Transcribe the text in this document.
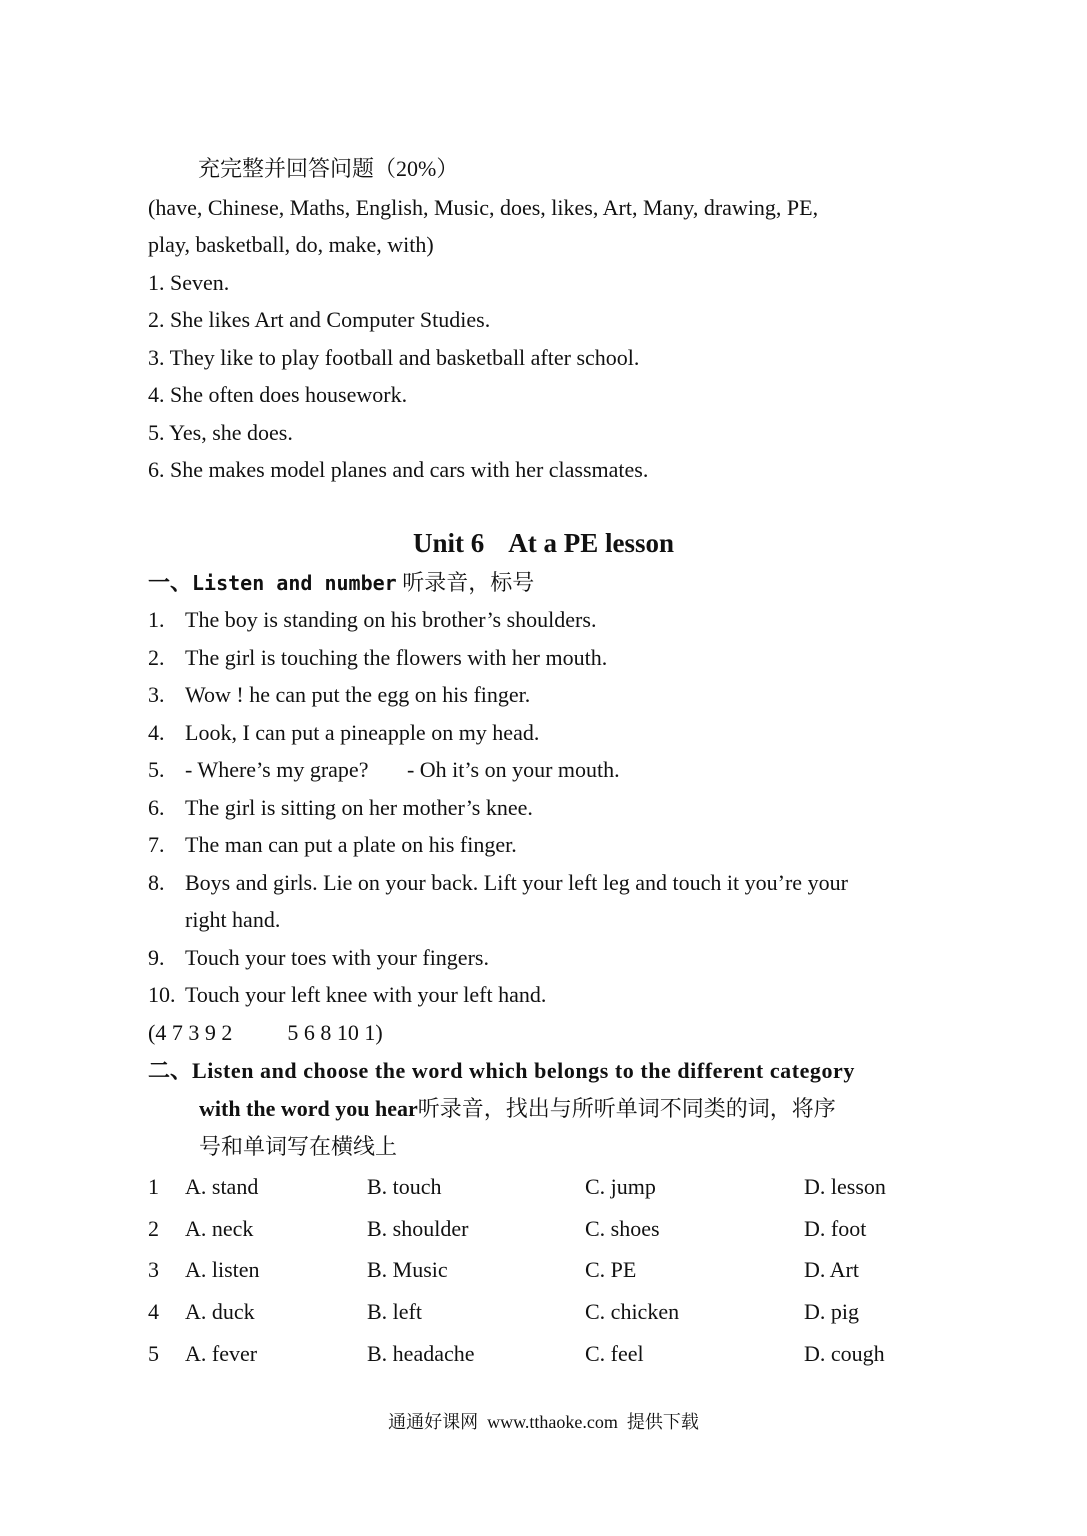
充完整并回答问题（20%）
(have, Chinese, Maths, English, Music, does, likes, Art, Many, drawing, PE,
play, basketball, do, make, with)
1. Seven.
2. She likes Art and Computer Studies.
3. They like to play football and basketball after school.
4. She often does housework.
5. Yes, she does.
6. She makes model planes and cars with her classmates.
Unit 6 At a PE lesson
一、Listen and number 听录音，标号
1. The boy is standing on his brother’s shoulders.
2. The girl is touching the flowers with her mouth.
3. Wow ! he can put the egg on his finger.
4. Look, I can put a pineapple on my head.
5. - Where’s my grape?       - Oh it’s on your mouth.
6. The girl is sitting on her mother’s knee.
7. The man can put a plate on his finger.
8. Boys and girls. Lie on your back. Lift your left leg and touch it you’re your
right hand.
9. Touch your toes with your fingers.
10. Touch your left knee with your left hand.
(4 7 3 9 2          5 6 8 10 1)
二、Listen and choose the word which belongs to the different category
with the word you hear听录音，找出与所听单词不同类的词，将序
号和单词写在横线上
1 A. stand	B. touch	C. jump	D. lesson
2 A. neck	B. shoulder	C. shoes	D. foot
3 A. listen	B. Music	C. PE	D. Art
4 A. duck	B. left	C. chicken	D. pig
5 A. fever	B. headache	C. feel	D. cough
通通好课网  www.tthaoke.com  提供下载
